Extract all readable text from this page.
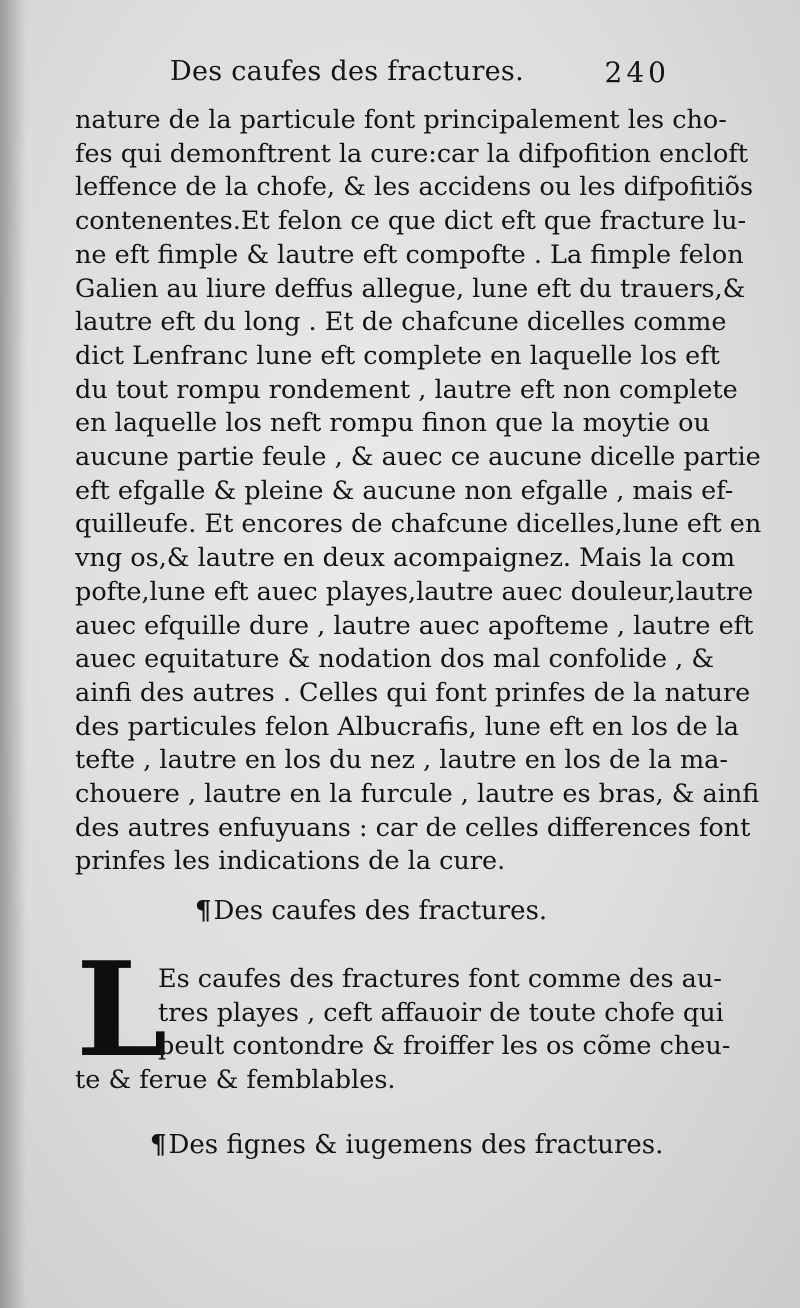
Des caufes des fractures.	240

nature de la particule font principalement les cho-
fes qui demonftrent la cure:car la difpofition encloft
leffence de la chofe, & les accidens ou les difpofitiõs
contenentes.Et felon ce que dict eft que fracture lu-
ne eft fimple & lautre eft compofte . La fimple felon
Galien au liure deffus allegue, lune eft du trauers,&
lautre eft du long . Et de chafcune dicelles comme
dict Lenfranc lune eft complete en laquelle los eft
du tout rompu rondement , lautre eft non complete
en laquelle los neft rompu finon que la moytie ou
aucune partie feule , & auec ce aucune dicelle partie
eft efgalle & pleine & aucune non efgalle , mais ef-
quilleufe. Et encores de chafcune dicelles,lune eft en
vng os,& lautre en deux acompaignez. Mais la com
pofte,lune eft auec playes,lautre auec douleur,lautre
auec efquille dure , lautre auec apofteme , lautre eft
auec equitature & nodation dos mal confolide , &
ainfi des autres . Celles qui font prinfes de la nature
des particules felon Albucrafis, lune eft en los de la
tefte , lautre en los du nez , lautre en los de la ma-
chouere , lautre en la furcule , lautre es bras, & ainfi
des autres enfuyuans : car de celles differences font
prinfes les indications de la cure.

¶Des caufes des fractures.
L
Es caufes des fractures font comme des au-
tres playes , ceft affauoir de toute chofe qui
peult contondre & froiffer les os cõme cheu-
te & ferue & femblables.
¶Des fignes & iugemens des fractures.
